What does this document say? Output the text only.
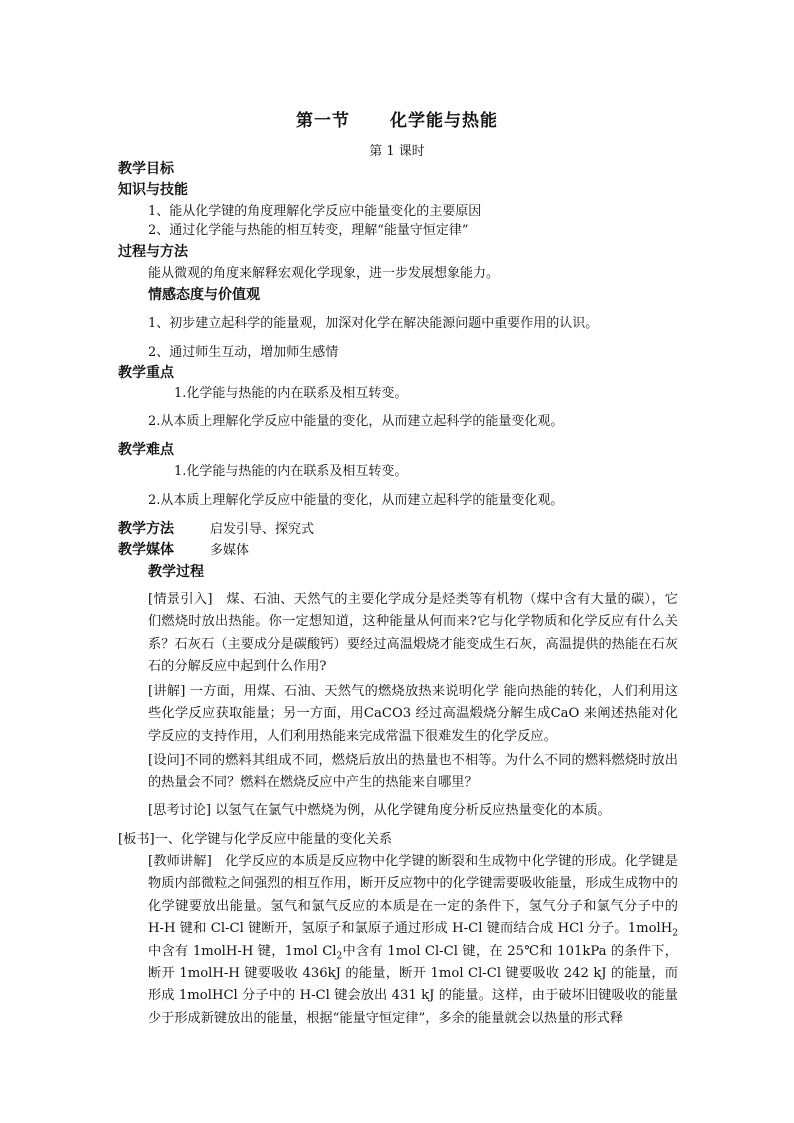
第一节 化学能与热能
第 1 课时
教学目标
知识与技能
1、能从化学键的角度理解化学反应中能量变化的主要原因
2、通过化学能与热能的相互转变，理解“能量守恒定律”
过程与方法
能从微观的角度来解释宏观化学现象，进一步发展想象能力。
情感态度与价值观
1、初步建立起科学的能量观，加深对化学在解决能源问题中重要作用的认识。
2、通过师生互动，增加师生感情
教学重点
1.化学能与热能的内在联系及相互转变。
2.从本质上理解化学反应中能量的变化，从而建立起科学的能量变化观。
教学难点
1.化学能与热能的内在联系及相互转变。
2.从本质上理解化学反应中能量的变化，从而建立起科学的能量变化观。
教学方法	启发引导、探究式
教学媒体	多媒体
教学过程
[情景引入]　煤、石油、天然气的主要化学成分是烃类等有机物（煤中含有大量的碳），它们燃烧时放出热能。你一定想知道，这种能量从何而来?它与化学物质和化学反应有什么关系？石灰石（主要成分是碳酸钙）要经过高温煅烧才能变成生石灰，高温提供的热能在石灰石的分解反应中起到什么作用?
[讲解] 一方面，用煤、石油、天然气的燃烧放热来说明化学 能向热能的转化，人们利用这些化学反应获取能量；另一方面，用CaCO3 经过高温煅烧分解生成CaO 来阐述热能对化学反应的支持作用，人们利用热能来完成常温下很难发生的化学反应。
[设问]不同的燃料其组成不同，燃烧后放出的热量也不相等。为什么不同的燃料燃烧时放出的热量会不同？燃料在燃烧反应中产生的热能来自哪里？
[思考讨论] 以氢气在氯气中燃烧为例，从化学键角度分析反应热量变化的本质。
[板书]一、化学键与化学反应中能量的变化关系
[教师讲解]　化学反应的本质是反应物中化学键的断裂和生成物中化学键的形成。化学键是物质内部微粒之间强烈的相互作用，断开反应物中的化学键需要吸收能量，形成生成物中的化学键要放出能量。氢气和氯气反应的本质是在一定的条件下，氢气分子和氯气分子中的 H-H 键和 Cl-Cl 键断开，氢原子和氯原子通过形成 H-Cl 键而结合成 HCl 分子。1molH$_2$中含有 1molH-H 键，1mol $Cl_2$中含有 1mol Cl-Cl 键，在 25℃和 101kPa 的条件下，断开 1molH-H 键要吸收 436kJ 的能量，断开 1mol Cl-Cl 键要吸收 242 kJ 的能量，而形成 1molHCl 分子中的 H-Cl 键会放出 431 kJ 的能量。这样，由于破坏旧键吸收的能量少于形成新键放出的能量，根据“能量守恒定律”，多余的能量就会以热量的形式释
